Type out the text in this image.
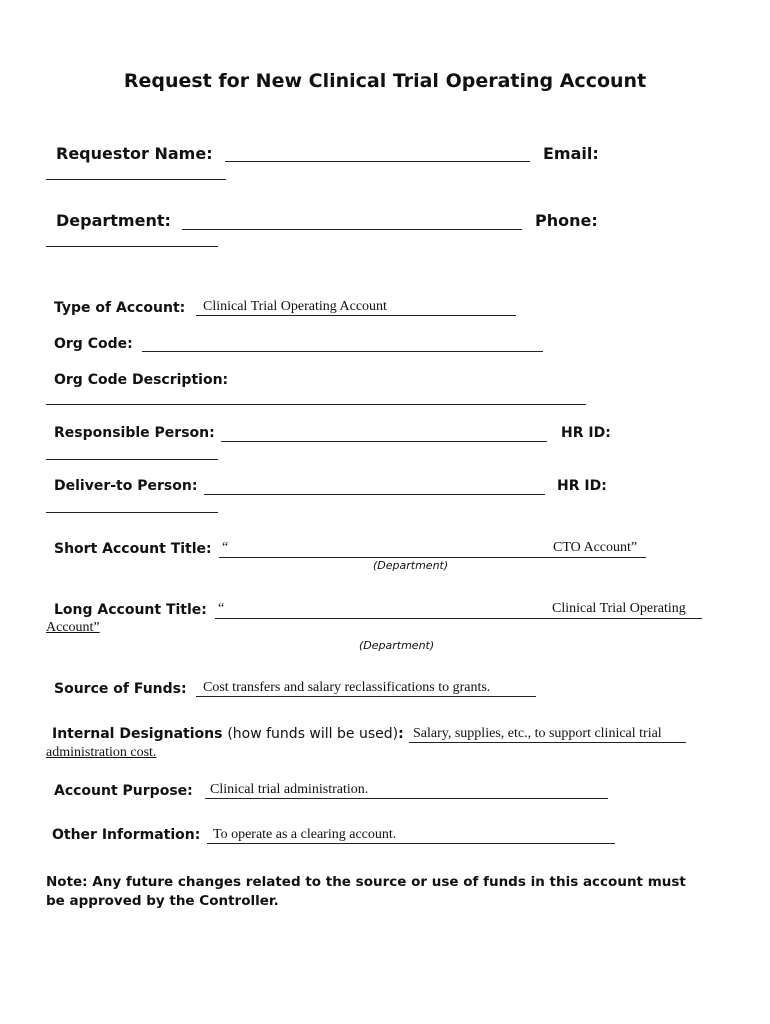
Request for New Clinical Trial Operating Account
Requestor Name:	Email:
Department:	Phone:
Type of Account: Clinical Trial Operating Account
Org Code:
Org Code Description:
Responsible Person:	HR ID:
Deliver-to Person:	HR ID:
Short Account Title: “	CTO Account”
(Department)
Long Account Title: “	Clinical Trial Operating
Account”
(Department)
Source of Funds: Cost transfers and salary reclassifications to grants.
Internal Designations (how funds will be used): Salary, supplies, etc., to support clinical trial
administration cost.
Account Purpose: Clinical trial administration.
Other Information: To operate as a clearing account.
Note: Any future changes related to the source or use of funds in this account must
be approved by the Controller.
